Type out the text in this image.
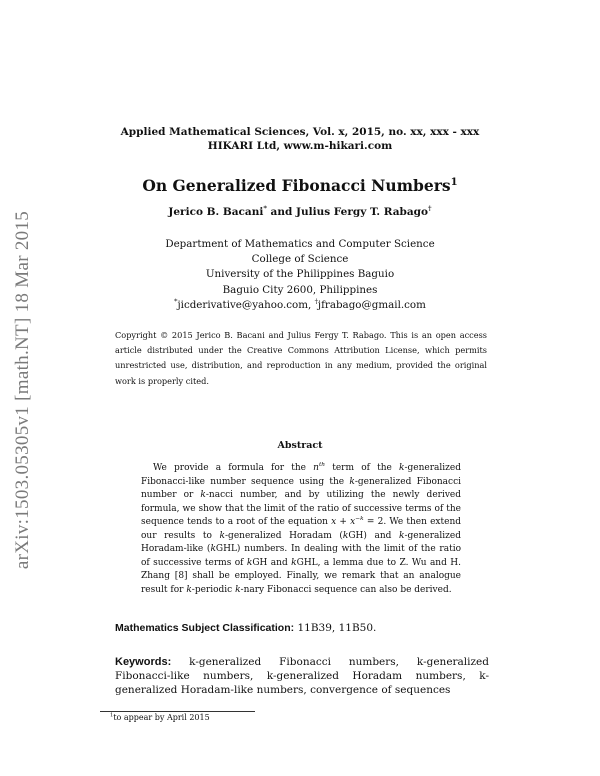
arXiv:1503.05305v1 [math.NT] 18 Mar 2015
Applied Mathematical Sciences, Vol. x, 2015, no. xx, xxx - xxx
HIKARI Ltd, www.m-hikari.com
On Generalized Fibonacci Numbers$^1$
Jerico B. Bacani* and Julius Fergy T. Rabago†
Department of Mathematics and Computer Science
College of Science
University of the Philippines Baguio
Baguio City 2600, Philippines
*jicderivative@yahoo.com, †jfrabago@gmail.com
Copyright © 2015 Jerico B. Bacani and Julius Fergy T. Rabago. This is an open access article distributed under the Creative Commons Attribution License, which permits unrestricted use, distribution, and reproduction in any medium, provided the original work is properly cited.
Abstract
We provide a formula for the $n^{th}$ term of the k-generalized Fibonacci-like number sequence using the k-generalized Fibonacci number or k-nacci number, and by utilizing the newly derived formula, we show that the limit of the ratio of successive terms of the sequence tends to a root of the equation $x + x^{-k} = 2$. We then extend our results to k-generalized Horadam (kGH) and k-generalized Horadam-like (kGHL) numbers. In dealing with the limit of the ratio of successive terms of kGH and kGHL, a lemma due to Z. Wu and H. Zhang [8] shall be employed. Finally, we remark that an analogue result for k-periodic k-nary Fibonacci sequence can also be derived.
Mathematics Subject Classification: 11B39, 11B50.
Keywords: k-generalized Fibonacci numbers, k-generalized Fibonacci-like numbers, k-generalized Horadam numbers, k-generalized Horadam-like numbers, convergence of sequences
$^1$to appear by April 2015
